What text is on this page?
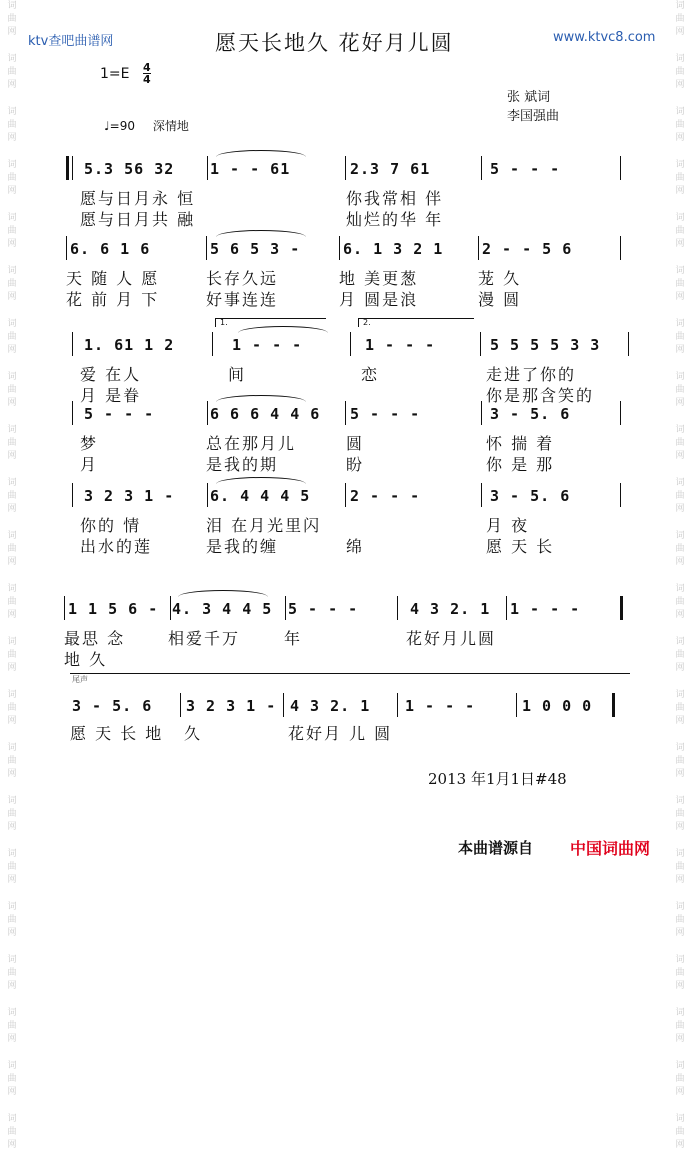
词
曲
网
词
曲
网
词
曲
网
词
曲
网
词
曲
网
词
曲
网
词
曲
网
词
曲
网
词
曲
网
词
曲
网
词
曲
网
词
曲
网
词
曲
网
词
曲
网
词
曲
网
词
曲
网
词
曲
网
词
曲
网
词
曲
网
词
曲
网
词
曲
网
词
曲
网
词
曲
网
词
曲
网
词
曲
网
词
曲
网
词
曲
网
词
曲
网
词
曲
网
词
曲
网
词
曲
网
词
曲
网
词
曲
网
词
曲
网
词
曲
网
词
曲
网
词
曲
网
词
曲
网
词
曲
网
词
曲
网
词
曲
网
词
曲
网
词
曲
网
词
曲
网
ktv查吧曲谱网	愿天长地久 花好月儿圆	www.ktvc8.com
$1=E \frac{4}{4}$
张 斌词
李国强曲
♩=90 深情地
5.3 56 32
愿与日月永 恒
愿与日月共 融
1 - - 61	2.3 7 61
你我常相 伴
灿烂的华 年
5 - - -
6. 6 1 6
天 随 人 愿
花 前 月 下
5 6 5 3 -
长存久远
好事连连
6. 1 3 2 1
地 美更葱
月 圆是浪
2 - - 5 6
茏 久
漫 圆
1. 61 1 2
爱 在人
月 是眷
1 - - -
间
1 - - -
恋
5 5 5 5 3 3
走进了你的
你是那含笑的
5 - - -
梦
月
6 6 6 4 4 6
总在那月儿
是我的期
5 - - -
圆
盼
3 - 5. 6
怀 揣 着
你 是 那
3 2 3 1 -
你的 情
出水的莲
6. 4 4 4 5
泪 在月光里闪
是我的缠
2 - - -
绵
3 - 5. 6
月 夜
愿 天 长
1 1 5 6 -
最思 念
地 久
4. 3 4 4 5
相爱千万
5 - - -
年
4 3 2. 1
花好月儿圆
1 - - -
1.	2.
尾声
3 - 5. 6
愿 天 长 地
3 2 3 1 -
久
4 3 2. 1
花好月 儿 圆
1 - - -	1 0 0 0
2013 年1月1日#48
本曲谱源自 中国词曲网
